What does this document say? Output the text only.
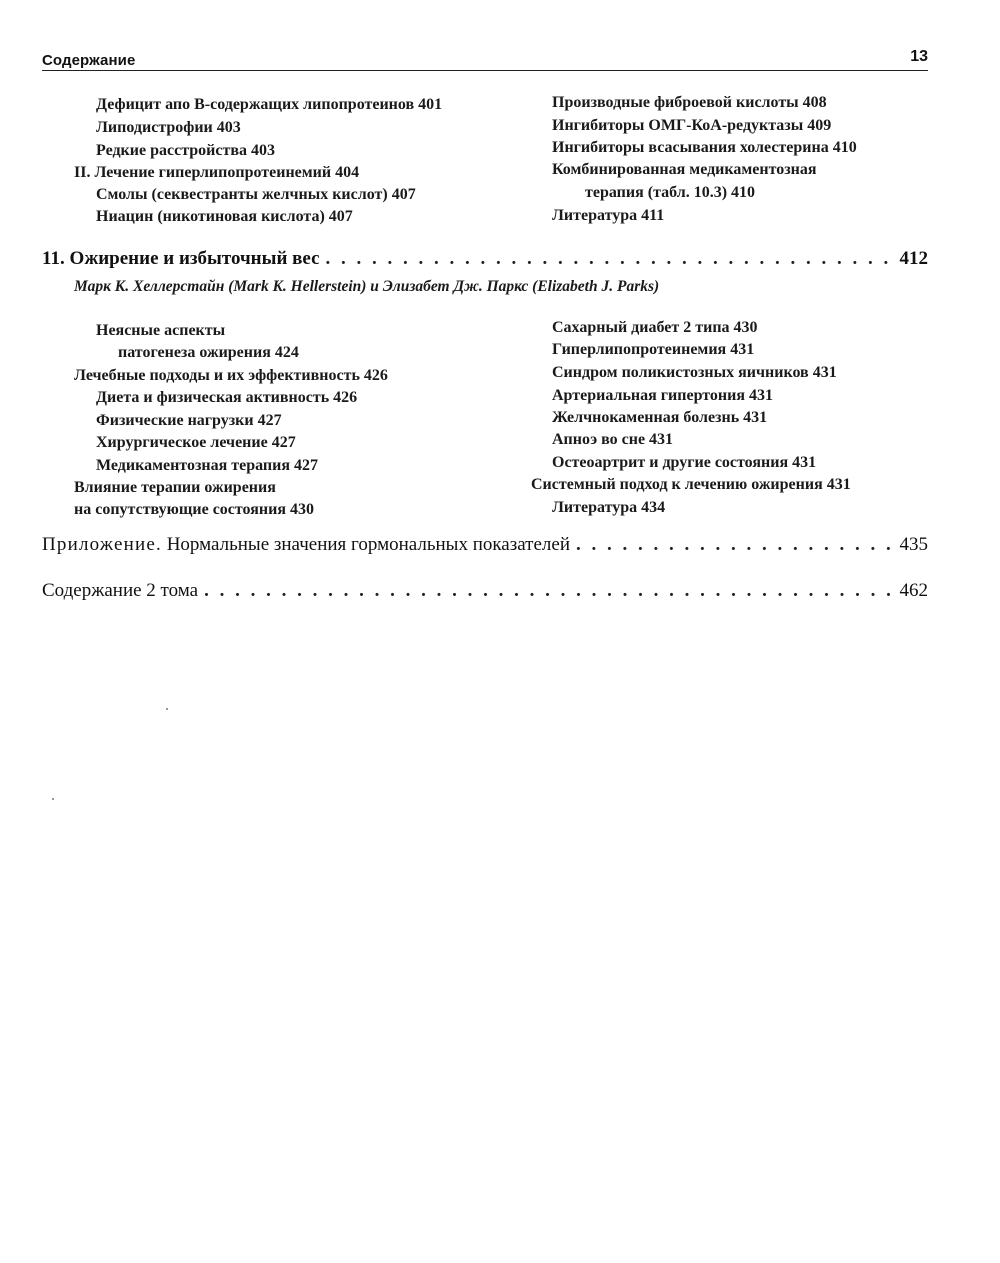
Содержание	13
Дефицит апо В-содержащих липопротеинов 401
Липодистрофии 403
Редкие расстройства 403
II. Лечение гиперлипопротеинемий 404
Смолы (секвестранты желчных кислот) 407
Ниацин (никотиновая кислота) 407
Производные фиброевой кислоты 408
Ингибиторы ОМГ-КоА-редуктазы 409
Ингибиторы всасывания холестерина 410
Комбинированная медикаментозная
терапия (табл. 10.3) 410
Литература 411
11. Ожирение и избыточный вес . . .	412
Марк К. Хеллерстайн (Mark K. Hellerstein) и Элизабет Дж. Паркс (Elizabeth J. Parks)
Неясные аспекты
патогенеза ожирения 424
Лечебные подходы и их эффективность 426
Диета и физическая активность 426
Физические нагрузки 427
Хирургическое лечение 427
Медикаментозная терапия 427
Влияние терапии ожирения
на сопутствующие состояния 430
Сахарный диабет 2 типа 430
Гиперлипопротеинемия 431
Синдром поликистозных яичников 431
Артериальная гипертония 431
Желчнокаменная болезнь 431
Апноэ во сне 431
Остеоартрит и другие состояния 431
Системный подход к лечению ожирения 431
Литература 434
Приложение. Нормальные значения гормональных показателей . . .	435
Содержание 2 тома . . .	462
